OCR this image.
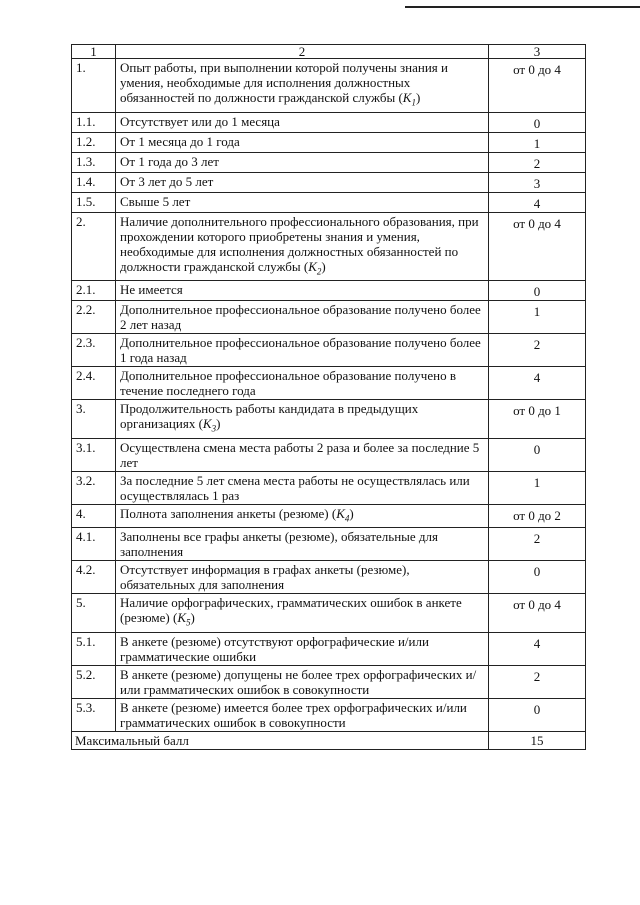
1	2	3
1.	Опыт работы, при выполнении которой получены знания и умения, необходимые для исполнения должностных обязанностей по должности гражданской службы $(K_1)$	от 0 до 4
1.1.	Отсутствует или до 1 месяца	0
1.2.	От 1 месяца до 1 года	1
1.3.	От 1 года до 3 лет	2
1.4.	От 3 лет до 5 лет	3
1.5.	Свыше 5 лет	4
2.	Наличие дополнительного профессионального образования, при прохождении которого приобретены знания и умения, необходимые для исполнения должностных обязанностей по должности гражданской службы $(K_2)$	от 0 до 4
2.1.	Не имеется	0
2.2.	Дополнительное профессиональное образование получено более 2 лет назад	1
2.3.	Дополнительное профессиональное образование получено более 1 года назад	2
2.4.	Дополнительное профессиональное образование получено в течение последнего года	4
3.	Продолжительность работы кандидата в предыдущих организациях $(K_3)$	от 0 до 1
3.1.	Осуществлена смена места работы 2 раза и более за последние 5 лет	0
3.2.	За последние 5 лет смена места работы не осуществлялась или осуществлялась 1 раз	1
4.	Полнота заполнения анкеты (резюме) $(K_4)$	от 0 до 2
4.1.	Заполнены все графы анкеты (резюме), обязательные для заполнения	2
4.2.	Отсутствует информация в графах анкеты (резюме), обязательных для заполнения	0
5.	Наличие орфографических, грамматических ошибок в анкете (резюме) $(K_5)$	от 0 до 4
5.1.	В анкете (резюме) отсутствуют орфографические и/или грамматические ошибки	4
5.2.	В анкете (резюме) допущены не более трех орфографических и/или грамматических ошибок в совокупности	2
5.3.	В анкете (резюме) имеется более трех орфографических и/или грамматических ошибок в совокупности	0
Максимальный балл		15
